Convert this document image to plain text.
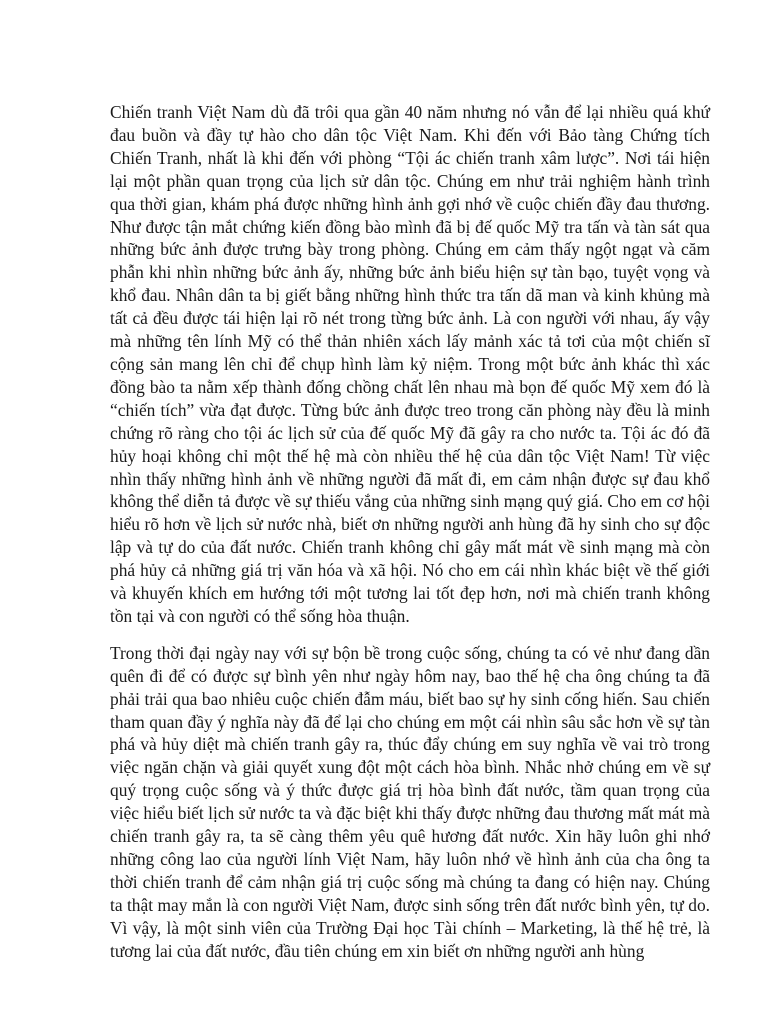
Chiến tranh Việt Nam dù đã trôi qua gần 40 năm nhưng nó vẫn để lại nhiều quá khứ đau buồn và đầy tự hào cho dân tộc Việt Nam. Khi đến với Bảo tàng Chứng tích Chiến Tranh, nhất là khi đến với phòng “Tội ác chiến tranh xâm lược”. Nơi tái hiện lại một phần quan trọng của lịch sử dân tộc. Chúng em như trải nghiệm hành trình qua thời gian, khám phá được những hình ảnh gợi nhớ về cuộc chiến đầy đau thương. Như được tận mắt chứng kiến đồng bào mình đã bị đế quốc Mỹ tra tấn và tàn sát qua những bức ảnh được trưng bày trong phòng. Chúng em cảm thấy ngột ngạt và căm phẫn khi nhìn những bức ảnh ấy, những bức ảnh biểu hiện sự tàn bạo, tuyệt vọng và khổ đau. Nhân dân ta bị giết bằng những hình thức tra tấn dã man và kinh khủng mà tất cả đều được tái hiện lại rõ nét trong từng bức ảnh. Là con người với nhau, ấy vậy mà những tên lính Mỹ có thể thản nhiên xách lấy mảnh xác tả tơi của một chiến sĩ cộng sản mang lên chỉ để chụp hình làm kỷ niệm. Trong một bức ảnh khác thì xác đồng bào ta nằm xếp thành đống chồng chất lên nhau mà bọn đế quốc Mỹ xem đó là “chiến tích” vừa đạt được. Từng bức ảnh được treo trong căn phòng này đều là minh chứng rõ ràng cho tội ác lịch sử của đế quốc Mỹ đã gây ra cho nước ta. Tội ác đó đã hủy hoại không chỉ một thế hệ mà còn nhiều thế hệ của dân tộc Việt Nam! Từ việc nhìn thấy những hình ảnh về những người đã mất đi, em cảm nhận được sự đau khổ không thể diễn tả được về sự thiếu vắng của những sinh mạng quý giá. Cho em cơ hội hiểu rõ hơn về lịch sử nước nhà, biết ơn những người anh hùng đã hy sinh cho sự độc lập và tự do của đất nước. Chiến tranh không chỉ gây mất mát về sinh mạng mà còn phá hủy cả những giá trị văn hóa và xã hội. Nó cho em cái nhìn khác biệt về thế giới và khuyến khích em hướng tới một tương lai tốt đẹp hơn, nơi mà chiến tranh không tồn tại và con người có thể sống hòa thuận.

Trong thời đại ngày nay với sự bộn bề trong cuộc sống, chúng ta có vẻ như đang dần quên đi để có được sự bình yên như ngày hôm nay, bao thế hệ cha ông chúng ta đã phải trải qua bao nhiêu cuộc chiến đẫm máu, biết bao sự hy sinh cống hiến. Sau chiến tham quan đầy ý nghĩa này đã để lại cho chúng em một cái nhìn sâu sắc hơn về sự tàn phá và hủy diệt mà chiến tranh gây ra, thúc đẩy chúng em suy nghĩa về vai trò trong việc ngăn chặn và giải quyết xung đột một cách hòa bình. Nhắc nhở chúng em về sự quý trọng cuộc sống và ý thức được giá trị hòa bình đất nước, tầm quan trọng của việc hiểu biết lịch sử nước ta và đặc biệt khi thấy được những đau thương mất mát mà chiến tranh gây ra, ta sẽ càng thêm yêu quê hương đất nước. Xin hãy luôn ghi nhớ những công lao của người lính Việt Nam, hãy luôn nhớ về hình ảnh của cha ông ta thời chiến tranh để cảm nhận giá trị cuộc sống mà chúng ta đang có hiện nay. Chúng ta thật may mắn là con người Việt Nam, được sinh sống trên đất nước bình yên, tự do. Vì vậy, là một sinh viên của Trường Đại học Tài chính – Marketing, là thế hệ trẻ, là tương lai của đất nước, đầu tiên chúng em xin biết ơn những người anh hùng
